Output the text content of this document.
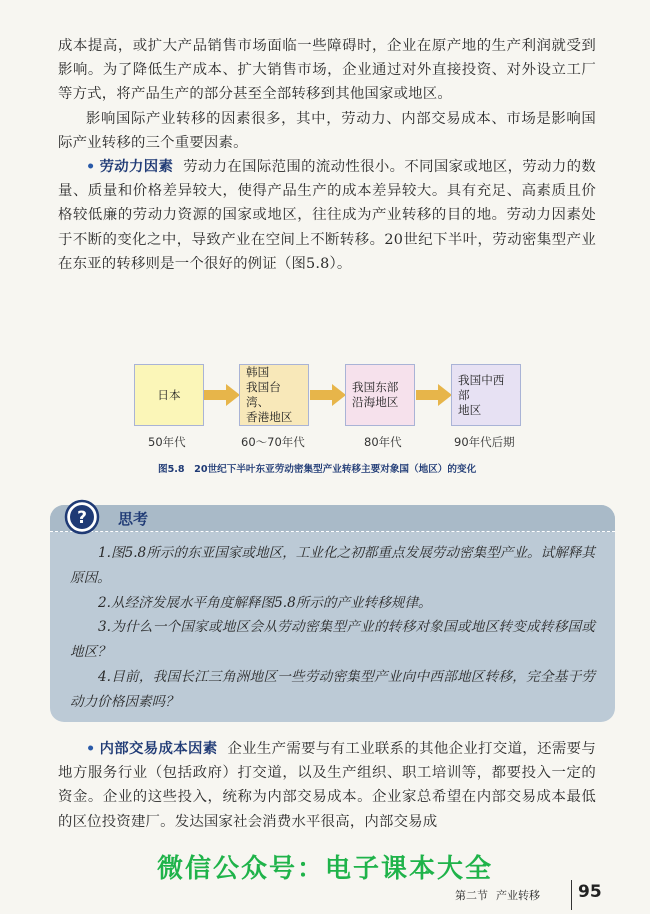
成本提高，或扩大产品销售市场面临一些障碍时，企业在原产地的生产利润就受到影响。为了降低生产成本、扩大销售市场，企业通过对外直接投资、对外设立工厂等方式，将产品生产的部分甚至全部转移到其他国家或地区。

影响国际产业转移的因素很多，其中，劳动力、内部交易成本、市场是影响国际产业转移的三个重要因素。

• 劳动力因素 劳动力在国际范围的流动性很小。不同国家或地区，劳动力的数量、质量和价格差异较大，使得产品生产的成本差异较大。具有充足、高素质且价格较低廉的劳动力资源的国家或地区，往往成为产业转移的目的地。劳动力因素处于不断的变化之中，导致产业在空间上不断转移。20世纪下半叶，劳动密集型产业在东亚的转移则是一个很好的例证（图5.8）。

日本
韩国
我国台湾、
香港地区
我国东部
沿海地区
我国中西部
地区
50年代	60～70年代	80年代	90年代后期
图5.8　20世纪下半叶东亚劳动密集型产业转移主要对象国（地区）的变化
? 思考

1.图5.8所示的东亚国家或地区，工业化之初都重点发展劳动密集型产业。试解释其原因。

2.从经济发展水平角度解释图5.8所示的产业转移规律。

3.为什么一个国家或地区会从劳动密集型产业的转移对象国或地区转变成转移国或地区？

4.目前，我国长江三角洲地区一些劳动密集型产业向中西部地区转移，完全基于劳动力价格因素吗？

• 内部交易成本因素 企业生产需要与有工业联系的其他企业打交道，还需要与地方服务行业（包括政府）打交道，以及生产组织、职工培训等，都要投入一定的资金。企业的这些投入，统称为内部交易成本。企业家总希望在内部交易成本最低的区位投资建厂。发达国家社会消费水平很高，内部交易成

微信公众号：电子课本大全
第二节 产业转移	95
